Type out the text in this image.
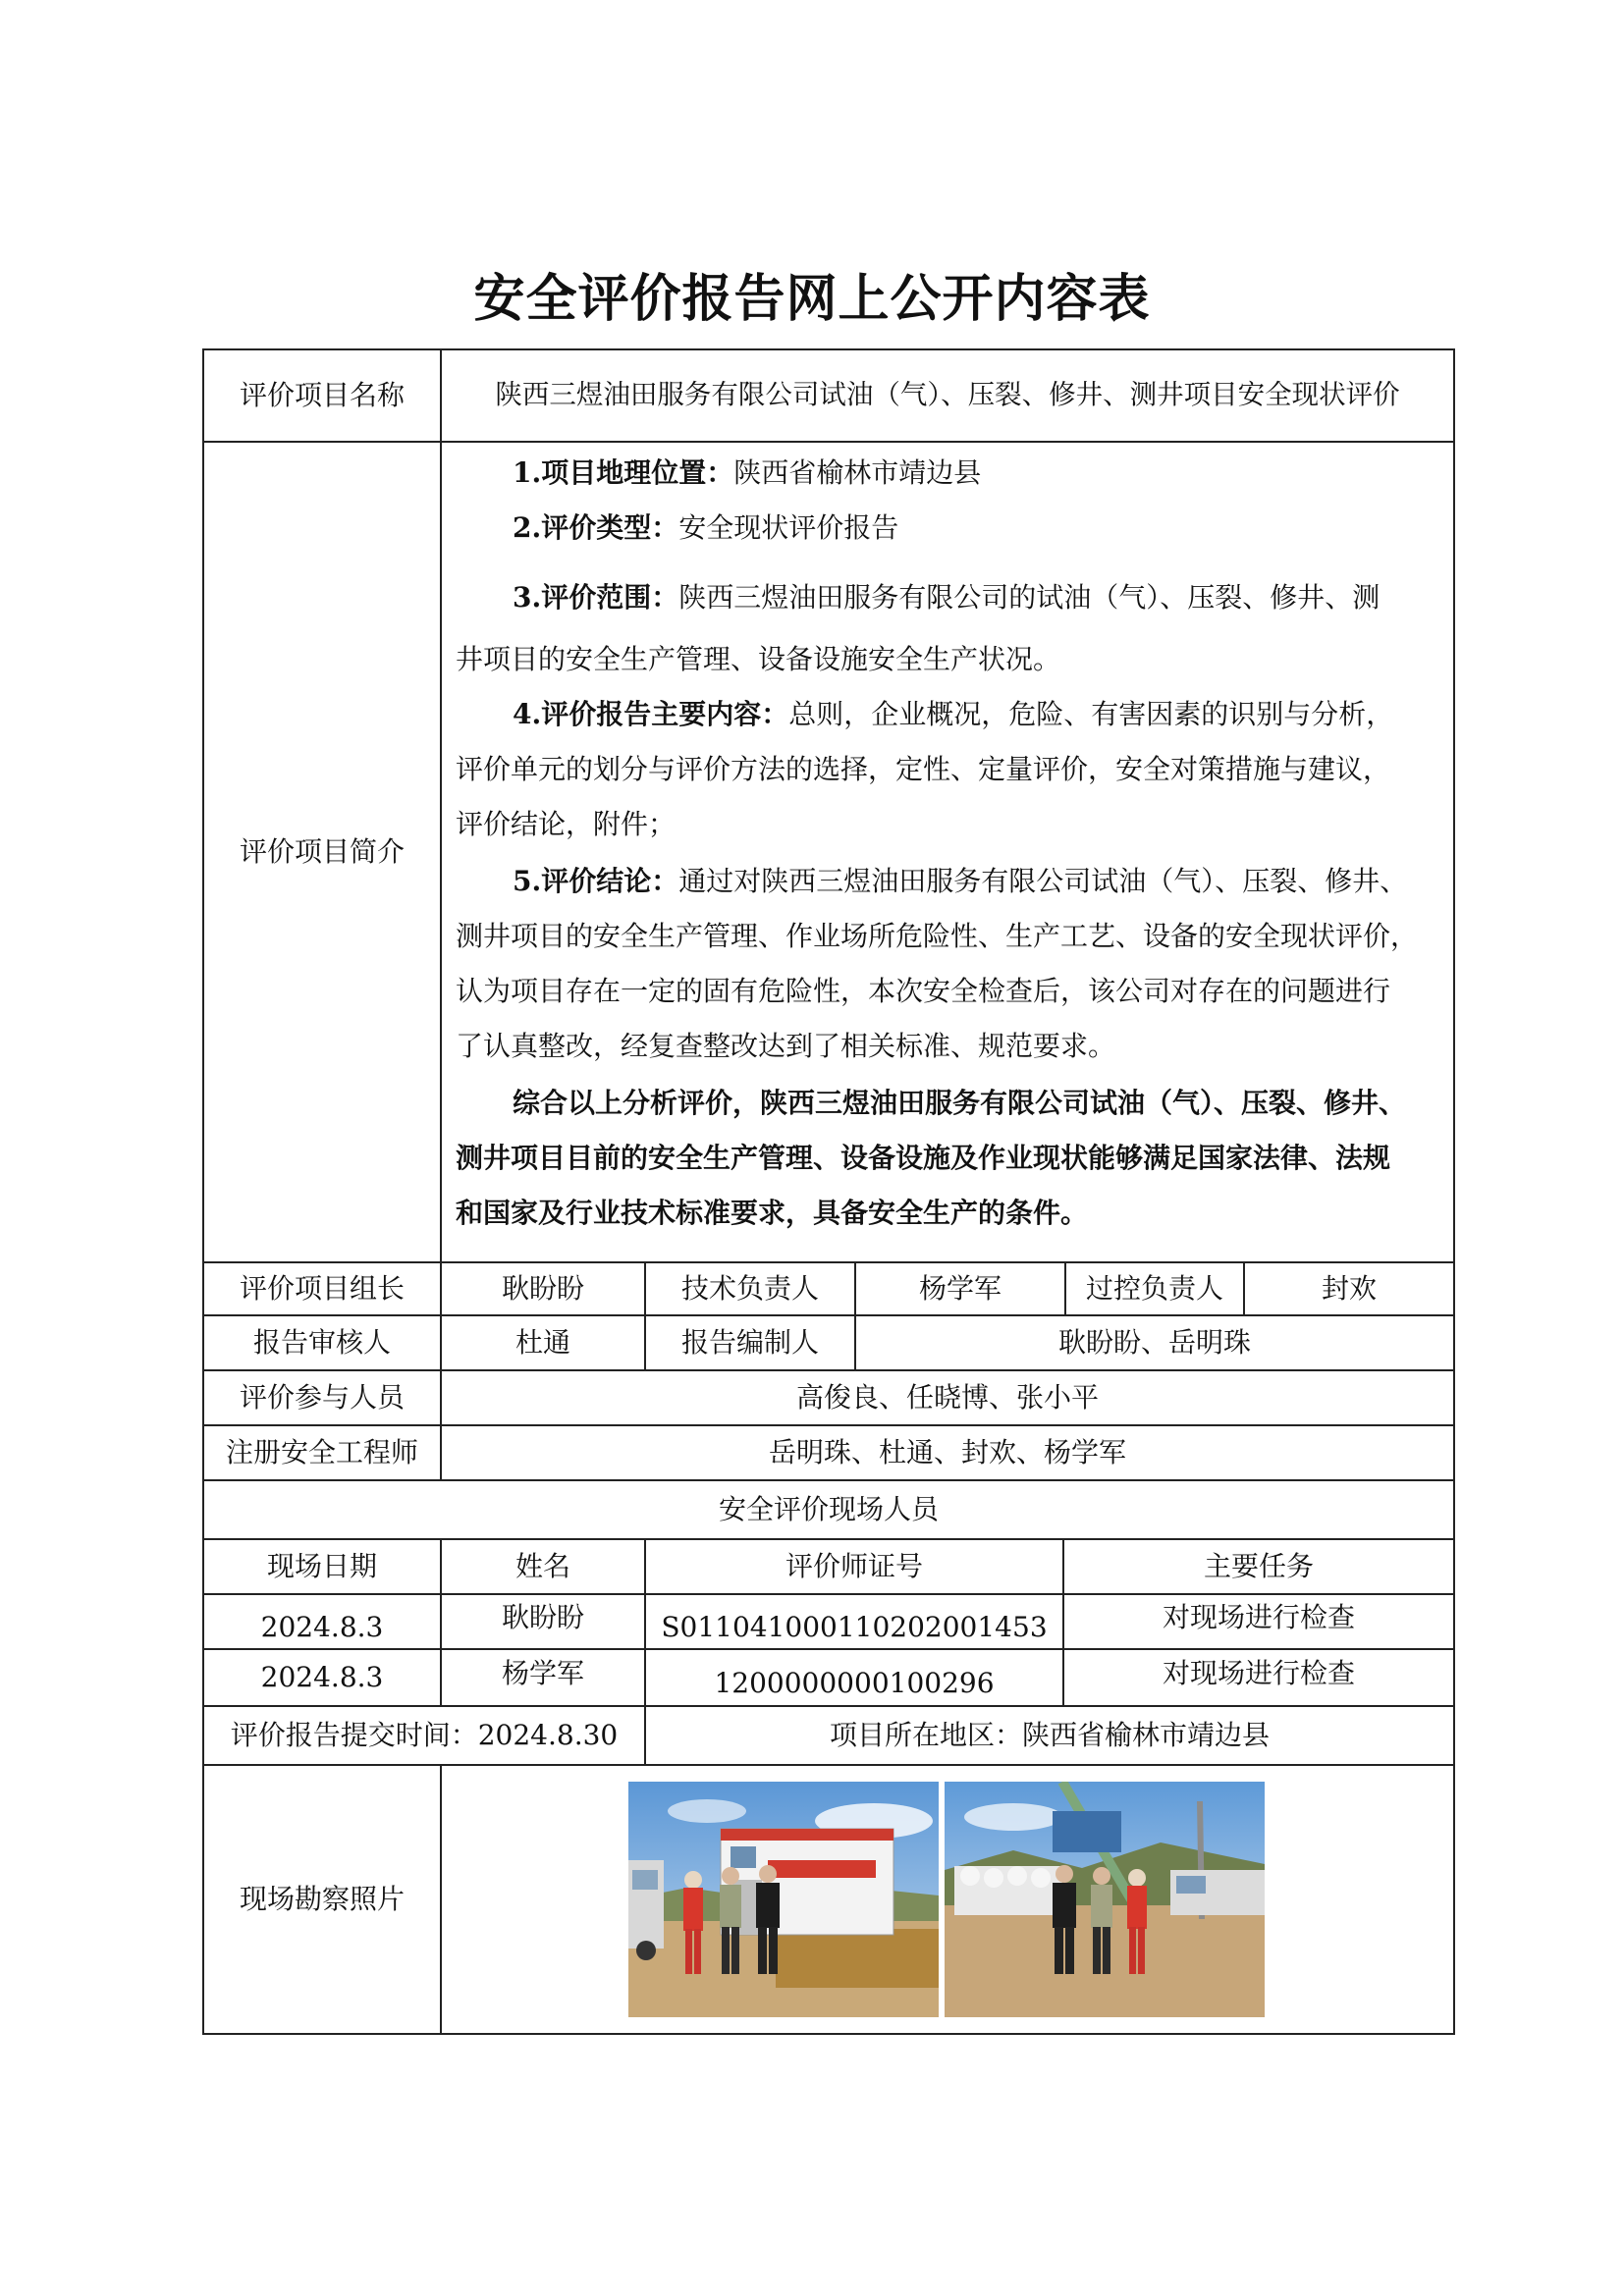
安全评价报告网上公开内容表
评价项目名称	陕西三煜油田服务有限公司试油（气）、压裂、修井、测井项目安全现状评价
评价项目简介
1.项目地理位置：陕西省榆林市靖边县
2.评价类型：安全现状评价报告
3.评价范围：陕西三煜油田服务有限公司的试油（气）、压裂、修井、测
井项目的安全生产管理、设备设施安全生产状况。
4.评价报告主要内容：总则，企业概况，危险、有害因素的识别与分析，
评价单元的划分与评价方法的选择，定性、定量评价，安全对策措施与建议，
评价结论，附件；
5.评价结论：通过对陕西三煜油田服务有限公司试油（气）、压裂、修井、
测井项目的安全生产管理、作业场所危险性、生产工艺、设备的安全现状评价，
认为项目存在一定的固有危险性，本次安全检查后，该公司对存在的问题进行
了认真整改，经复查整改达到了相关标准、规范要求。
综合以上分析评价，陕西三煜油田服务有限公司试油（气）、压裂、修井、
测井项目目前的安全生产管理、设备设施及作业现状能够满足国家法律、法规
和国家及行业技术标准要求，具备安全生产的条件。
评价项目组长	耿盼盼	技术负责人	杨学军	过控负责人	封欢
报告审核人	杜通	报告编制人	耿盼盼、岳明珠
评价参与人员	高俊良、任晓博、张小平
注册安全工程师	岳明珠、杜通、封欢、杨学军
安全评价现场人员
现场日期	姓名	评价师证号	主要任务
2024.8.3	耿盼盼	S011041000110202001453	对现场进行检查
2024.8.3	杨学军	1200000000100296	对现场进行检查
评价报告提交时间：2024.8.30	项目所在地区：陕西省榆林市靖边县
现场勘察照片
